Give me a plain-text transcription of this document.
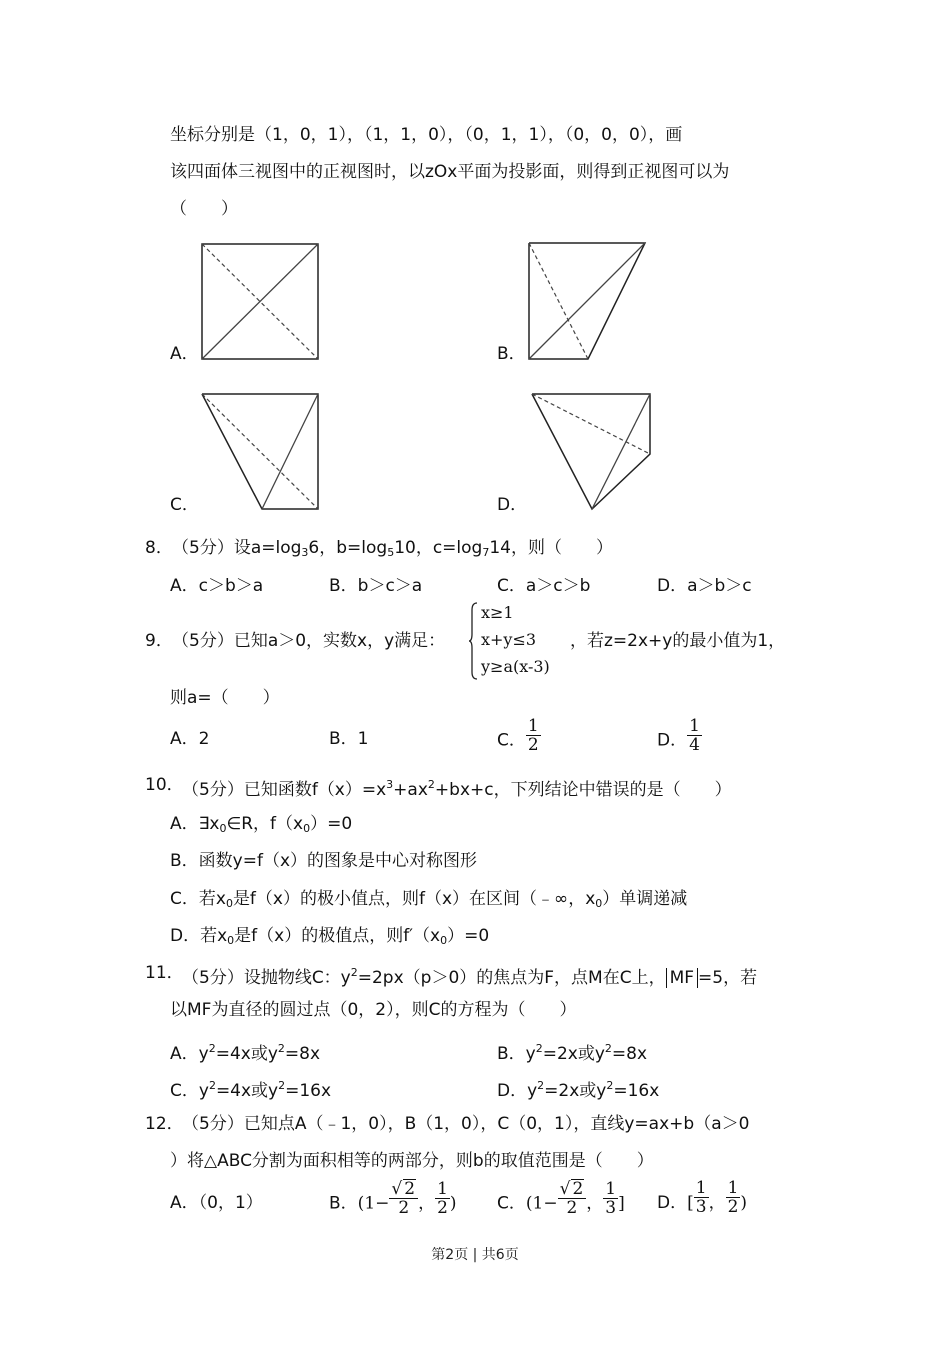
坐标分别是（1，0，1），（1，1，0），（0，1，1），（0，0，0），画
该四面体三视图中的正视图时，以zOx平面为投影面，则得到正视图可以为
（　　）
A．	B．
C．	D．
8． （5分）设$a=\log_36$，$b=\log_510$，$c=\log_714$，则（　　）
A．c＞b＞a	B．b＞c＞a	C．a＞c＞b	D．a＞b＞c
9． （5分）已知a＞0，实数x，y满足：
x≥1
x+y≤3
y≥a(x-3)
，若z=2x+y的最小值为1，
则a=（　　）
A．2	B．1	C． $\frac{1}{2}$	D． $\frac{1}{4}$
10．
（5分）已知函数$f(x)=x^3+ax^2+bx+c$，下列结论中错误的是（　　）
A．$\exists x_0\in R$，$f(x_0)=0$
B．函数y=f（x）的图象是中心对称图形
C．若$x_0$是f（x）的极小值点，则f（x）在区间（﹣∞，$x_0$）单调递减
D．若$x_0$是f（x）的极值点，则$f'(x_0)=0$
11．
（5分）设抛物线C：$y^2=2px(p>0)$的焦点为F，点M在C上， MF =5，若
以MF为直径的圆过点（0，2），则C的方程为（　　）
A．$y^2=4x$或$y^2=8x$	B．$y^2=2x$或$y^2=8x$
C．$y^2=4x$或$y^2=16x$	D．$y^2=2x$或$y^2=16x$
12．
（5分）已知点A（﹣1，0），B（1，0），C（0，1），直线y=ax+b（a＞0
）将△ABC分割为面积相等的两部分，则b的取值范围是（　　）
A．（0，1）	B．($1- \frac{√ 2}{2}$ ， $\frac{1}{2}$ ) C．($1- \frac{√ 2}{2}$ ， $\frac{1}{3}$ ] D．[ $\frac{1}{3}$ ， $\frac{1}{2}$ )
第2页 | 共6页
